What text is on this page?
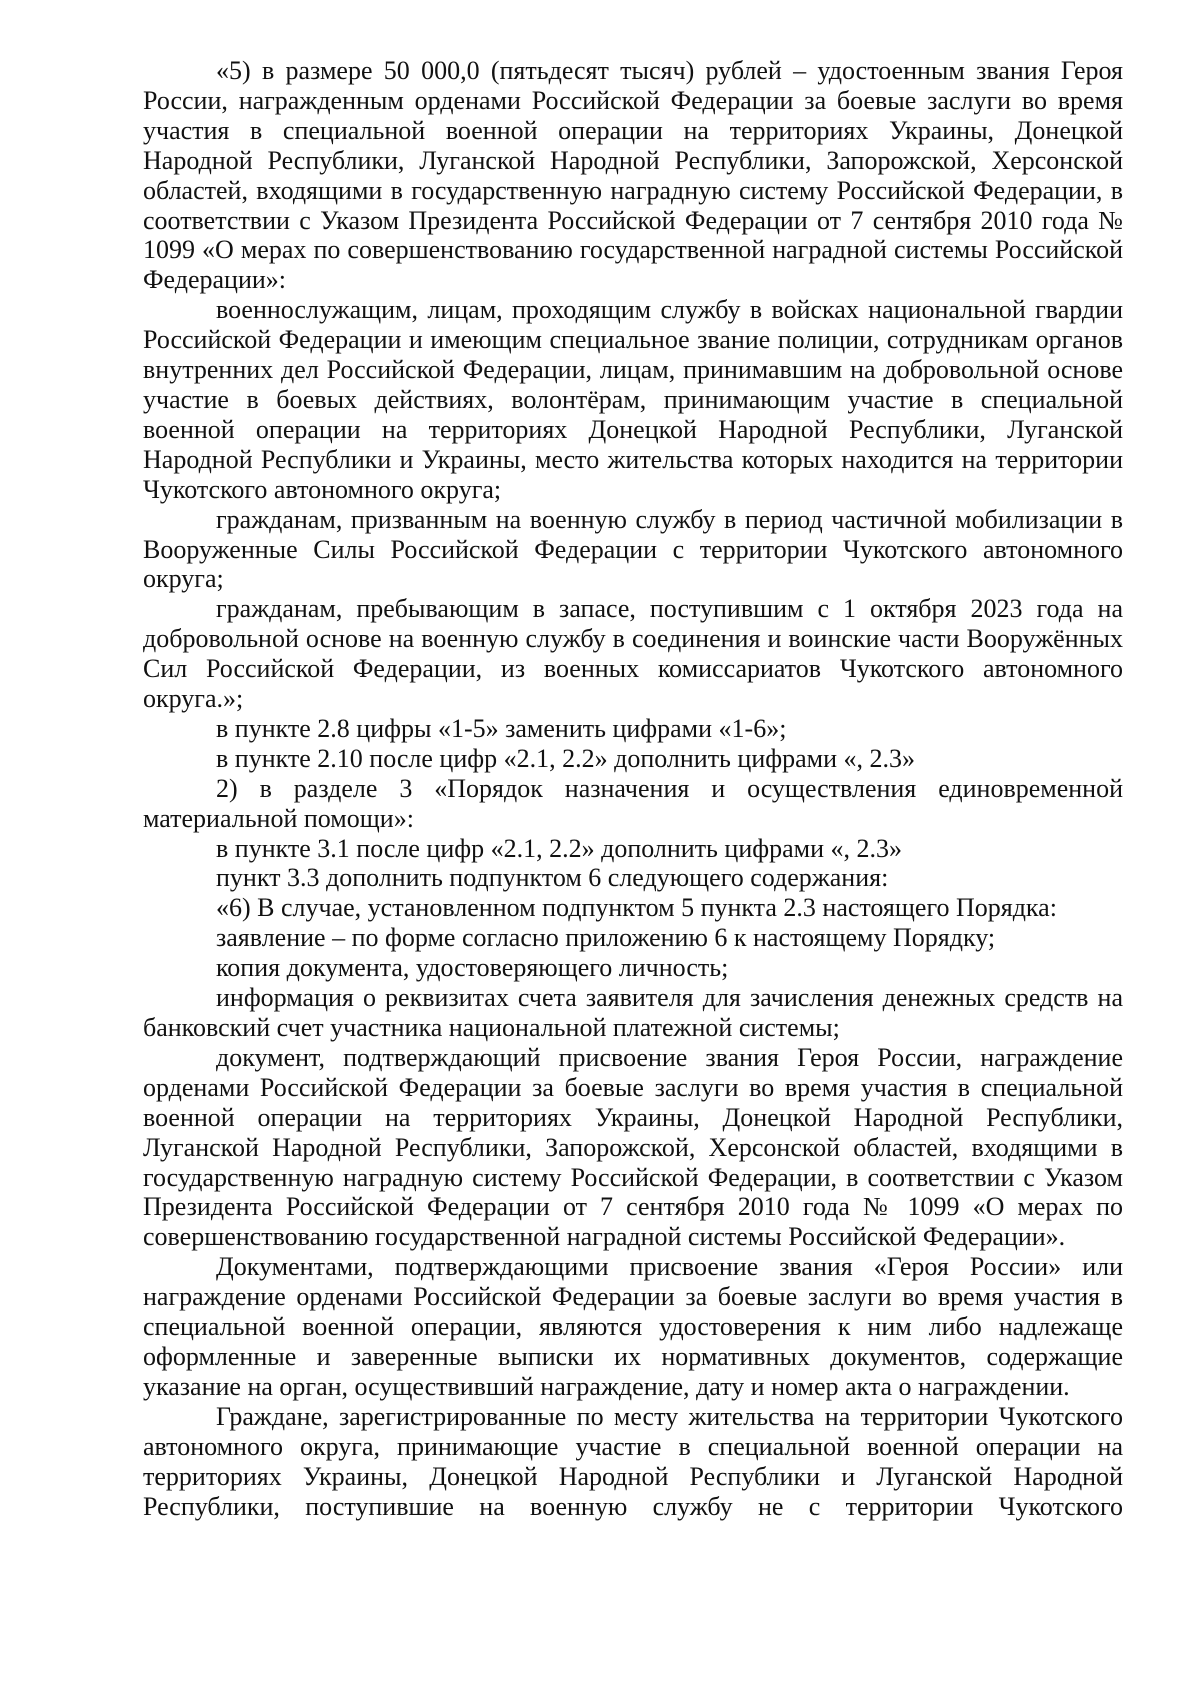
«5) в размере 50 000,0 (пятьдесят тысяч) рублей – удостоенным звания Героя России, награжденным орденами Российской Федерации за боевые заслуги во время участия в специальной военной операции на территориях Украины, Донецкой Народной Республики, Луганской Народной Республики, Запорожской, Херсонской областей, входящими в государственную наградную систему Российской Федерации, в соответствии с Указом Президента Российской Федерации от 7 сентября 2010 года № 1099 «О мерах по совершенствованию государственной наградной системы Российской Федерации»:

военнослужащим, лицам, проходящим службу в войсках национальной гвардии Российской Федерации и имеющим специальное звание полиции, сотрудникам органов внутренних дел Российской Федерации, лицам, принимавшим на добровольной основе участие в боевых действиях, волонтёрам, принимающим участие в специальной военной операции на территориях Донецкой Народной Республики, Луганской Народной Республики и Украины, место жительства которых находится на территории Чукотского автономного округа;

гражданам, призванным на военную службу в период частичной мобилизации в Вооруженные Силы Российской Федерации с территории Чукотского автономного округа;

гражданам, пребывающим в запасе, поступившим с 1 октября 2023 года на добровольной основе на военную службу в соединения и воинские части Вооружённых Сил Российской Федерации, из военных комиссариатов Чукотского автономного округа.»;

в пункте 2.8 цифры «1-5» заменить цифрами «1-6»;

в пункте 2.10 после цифр «2.1, 2.2» дополнить цифрами «, 2.3»

2) в разделе 3 «Порядок назначения и осуществления единовременной материальной помощи»:

в пункте 3.1 после цифр «2.1, 2.2» дополнить цифрами «, 2.3»

пункт 3.3 дополнить подпунктом 6 следующего содержания:

«6) В случае, установленном подпунктом 5 пункта 2.3 настоящего Порядка:

заявление – по форме согласно приложению 6 к настоящему Порядку;

копия документа, удостоверяющего личность;

информация о реквизитах счета заявителя для зачисления денежных средств на банковский счет участника национальной платежной системы;

документ, подтверждающий присвоение звания Героя России, награждение орденами Российской Федерации за боевые заслуги во время участия в специальной военной операции на территориях Украины, Донецкой Народной Республики, Луганской Народной Республики, Запорожской, Херсонской областей, входящими в государственную наградную систему Российской Федерации, в соответствии с Указом Президента Российской Федерации от 7 сентября 2010 года № 1099 «О мерах по совершенствованию государственной наградной системы Российской Федерации».

Документами, подтверждающими присвоение звания «Героя России» или награждение орденами Российской Федерации за боевые заслуги во время участия в специальной военной операции, являются удостоверения к ним либо надлежаще оформленные и заверенные выписки их нормативных документов, содержащие указание на орган, осуществивший награждение, дату и номер акта о награждении.

Граждане, зарегистрированные по месту жительства на территории Чукотского автономного округа, принимающие участие в специальной военной операции на территориях Украины, Донецкой Народной Республики и Луганской Народной Республики, поступившие на военную службу не с территории Чукотского
